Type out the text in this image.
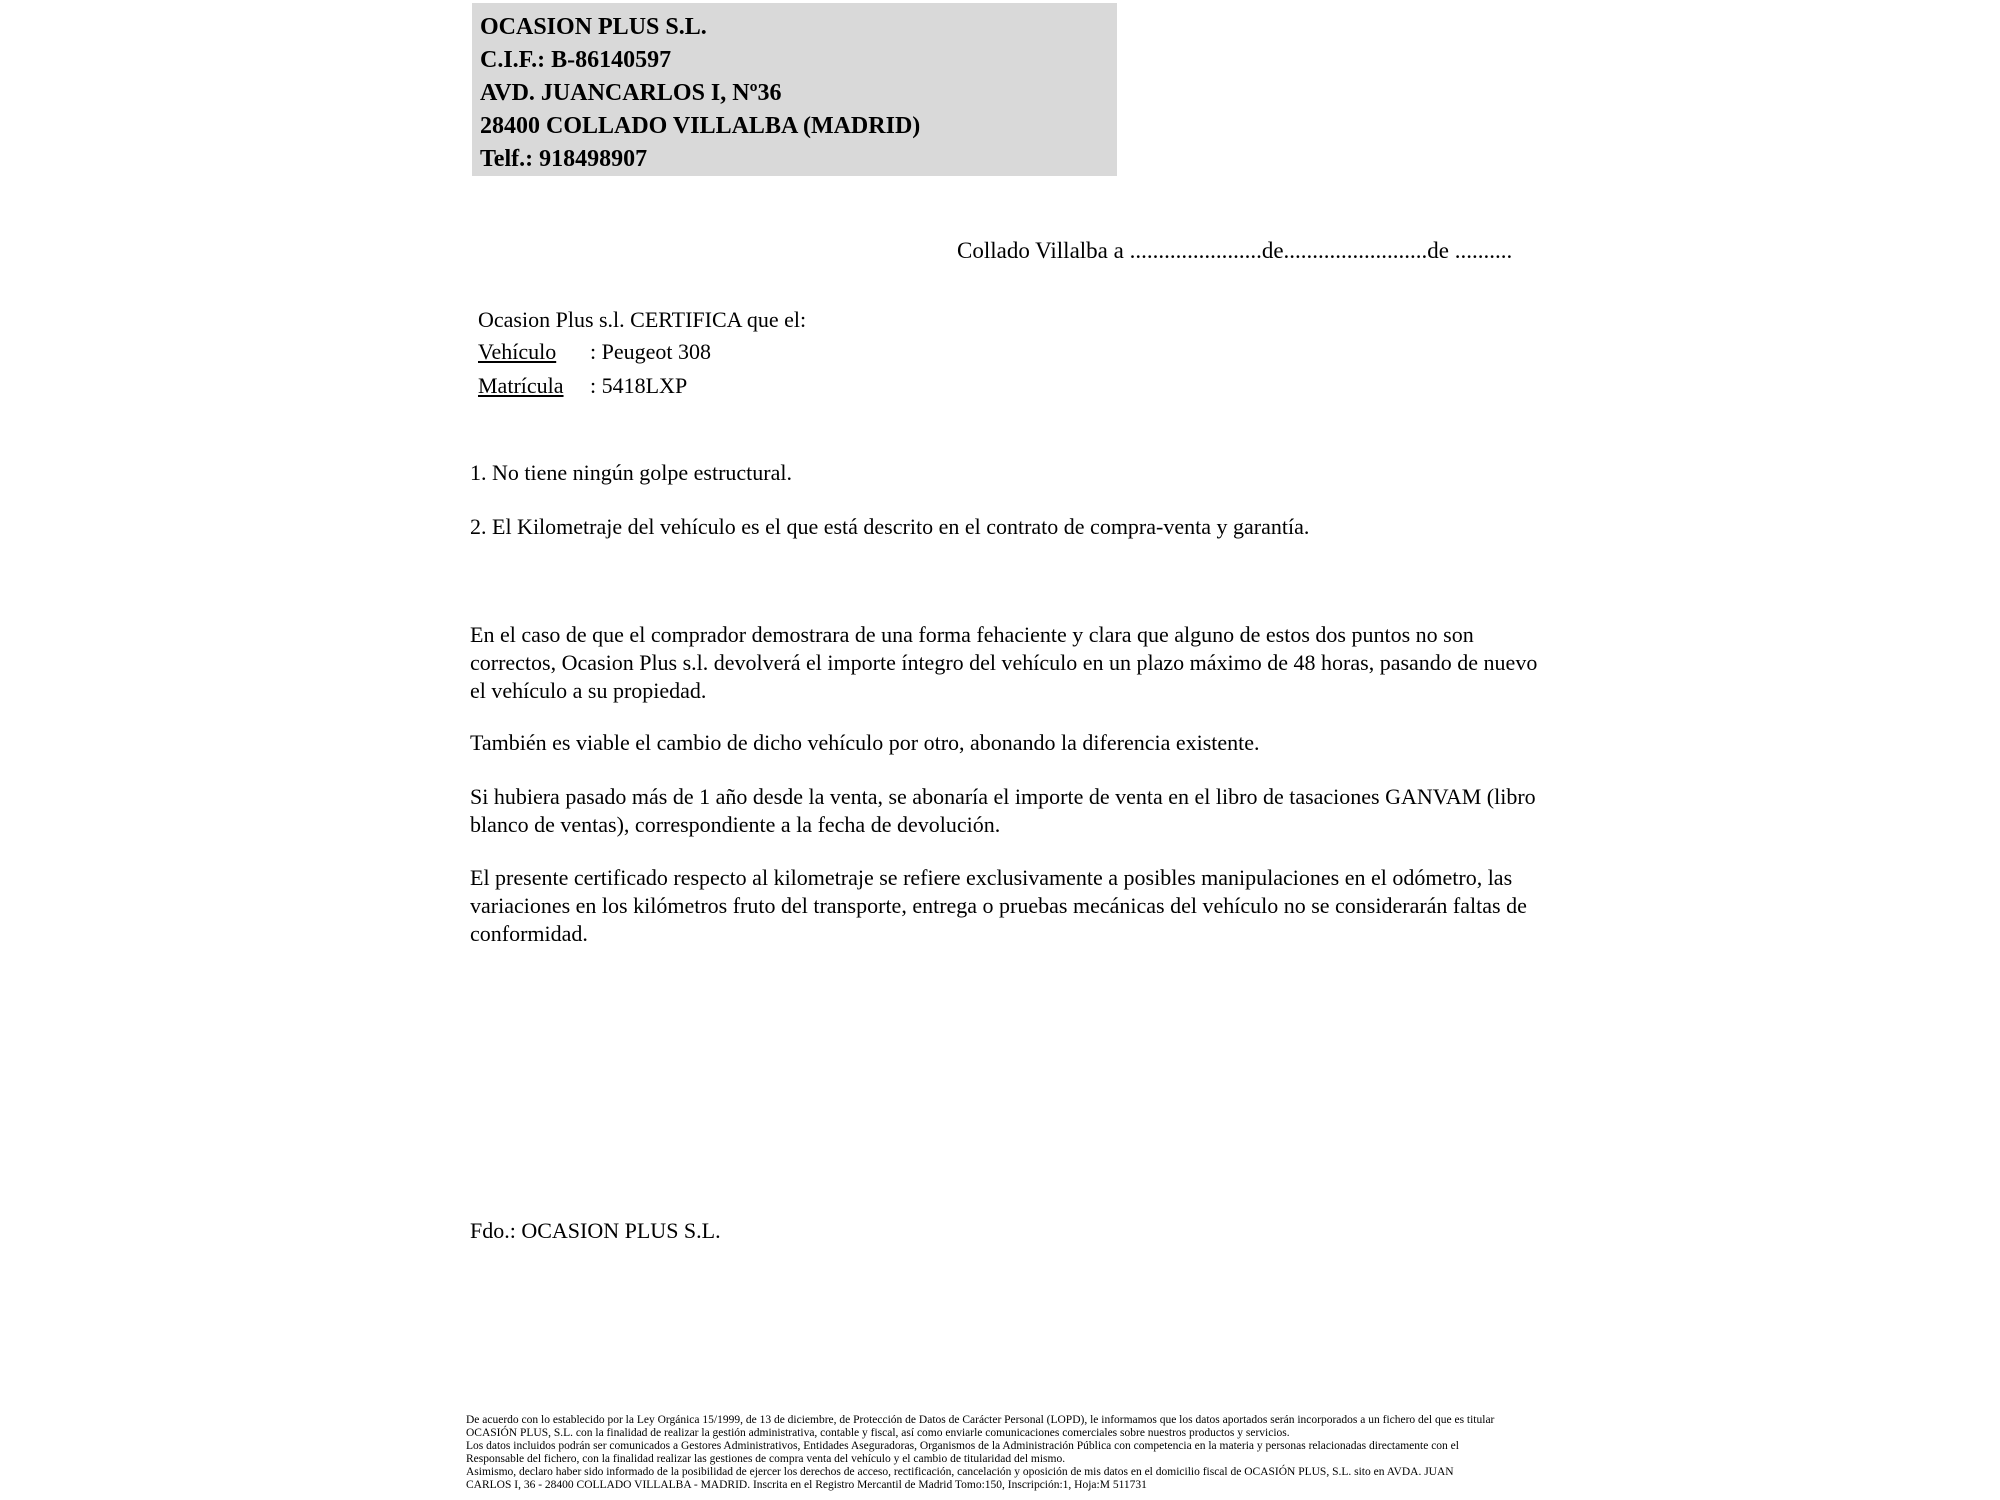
OCASION PLUS S.L.
C.I.F.: B-86140597
AVD. JUANCARLOS I, Nº36
28400 COLLADO VILLALBA (MADRID)
Telf.: 918498907
Collado Villalba a .......................de.........................de ..........
Ocasion Plus s.l. CERTIFICA que el:
Vehículo : Peugeot 308
Matrícula : 5418LXP
1. No tiene ningún golpe estructural.
2. El Kilometraje del vehículo es el que está descrito en el contrato de compra-venta y garantía.
En el caso de que el comprador demostrara de una forma fehaciente y clara que alguno de estos dos puntos no son correctos, Ocasion Plus s.l. devolverá el importe íntegro del vehículo en un plazo máximo de 48 horas, pasando de nuevo el vehículo a su propiedad.
También es viable el cambio de dicho vehículo por otro, abonando la diferencia existente.
Si hubiera pasado más de 1 año desde la venta, se abonaría el importe de venta en el libro de tasaciones GANVAM (libro blanco de ventas), correspondiente a la fecha de devolución.
El presente certificado respecto al kilometraje se refiere exclusivamente a posibles manipulaciones en el odómetro, las variaciones en los kilómetros fruto del transporte, entrega o pruebas mecánicas del vehículo no se considerarán faltas de conformidad.
Fdo.: OCASION PLUS S.L.
De acuerdo con lo establecido por la Ley Orgánica 15/1999, de 13 de diciembre, de Protección de Datos de Carácter Personal (LOPD), le informamos que los datos aportados serán incorporados a un fichero del que es titular
OCASIÓN PLUS, S.L. con la finalidad de realizar la gestión administrativa, contable y fiscal, así como enviarle comunicaciones comerciales sobre nuestros productos y servicios.
Los datos incluidos podrán ser comunicados a Gestores Administrativos, Entidades Aseguradoras, Organismos de la Administración Pública con competencia en la materia y personas relacionadas directamente con el
Responsable del fichero, con la finalidad realizar las gestiones de compra venta del vehículo y el cambio de titularidad del mismo.
Asimismo, declaro haber sido informado de la posibilidad de ejercer los derechos de acceso, rectificación, cancelación y oposición de mis datos en el domicilio fiscal de OCASIÓN PLUS, S.L. sito en AVDA. JUAN
CARLOS I, 36 - 28400 COLLADO VILLALBA - MADRID. Inscrita en el Registro Mercantil de Madrid Tomo:150, Inscripción:1, Hoja:M 511731
